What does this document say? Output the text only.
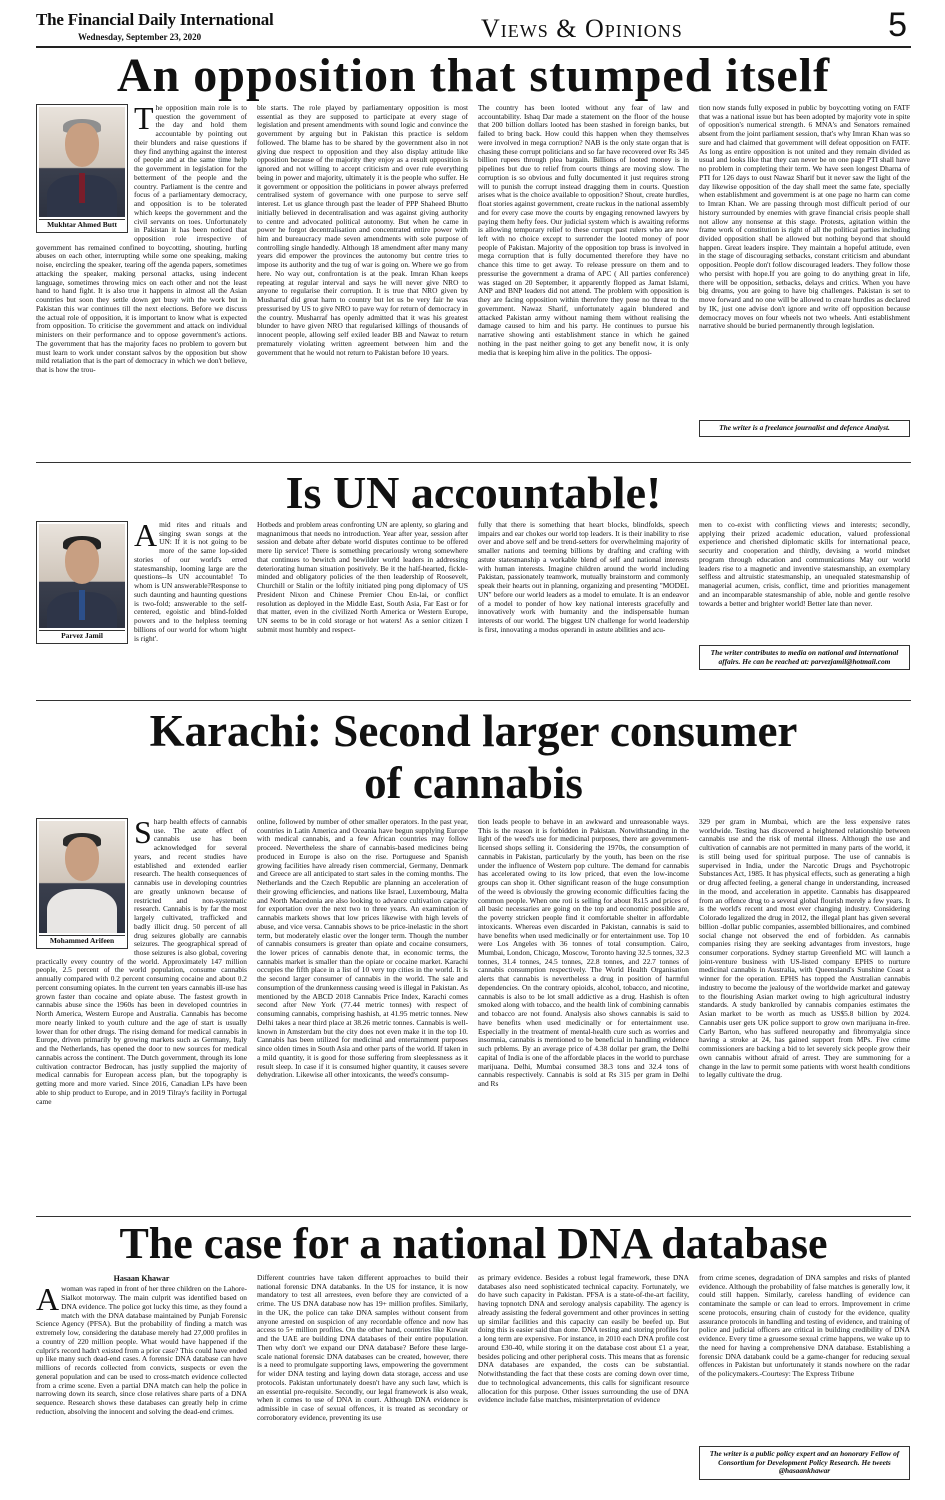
The Financial Daily International
Wednesday, September 23, 2020	Views & Opinions	5
An opposition that stumped itself
Mukhtar Ahmed Butt
T he opposition main role is to question the government of the day and hold them accountable by pointing out their blunders and raise questions if they find anything against the interest of people and at the same time help the government in legislation for the betterment of the people and the country. Parliament is the centre and focus of a parliamentary democracy, and opposition is to be tolerated which keeps the government and the civil servants on toes. Unfortunately in Pakistan it has been noticed that opposition role irrespective of government has remained confined to boycotting, shouting, hurling abuses on each other, interrupting while some one speaking, making noise, encircling the speaker, tearing off the agenda papers, sometimes attacking the speaker, making personal attacks, using indecent language, sometimes throwing mics on each other and not the least hand to hand fight. It is also true it happens in almost all the Asian countries but soon they settle down get busy with the work but in Pakistan this war continues till the next elections. Before we discuss the actual role of opposition, it is important to know what is expected from opposition. To criticise the government and attack on individual ministers on their performance and to oppose government's actions. The government that has the majority faces no problem to govern but must learn to work under constant salvos by the opposition but show mild retaliation that is the part of democracy in which we don't believe, that is how the trou-
ble starts. The role played by parliamentary opposition is most essential as they are supposed to participate at every stage of legislation and present amendments with sound logic and convince the government by arguing but in Pakistan this practice is seldom followed. The blame has to be shared by the government also in not giving due respect to opposition and they also display attitude like opposition because of the majority they enjoy as a result opposition is ignored and not willing to accept criticism and over rule everything being in power and majority, ultimately it is the people who suffer. He it government or opposition the politicians in power always preferred centralised system of governance with one purpose to serve self interest. Let us glance through past the leader of PPP Shaheed Bhutto initially believed in decentralisation and was against giving authority to centre and advocated political autonomy. But when he came in power he forgot decentralisation and concentrated entire power with him and bureaucracy made seven amendments with sole purpose of controlling single handedly. Although 18 amendment after many many years did empower the provinces the autonomy but centre tries to impose its authority and the tug of war is going on. Where we go from here. No way out, confrontation is at the peak. Imran Khan keeps repeating at regular interval and says he will never give NRO to anyone to regularise their corruption. It is true that NRO given by Musharraf did great harm to country but let us be very fair he was pressurised by US to give NRO to pave way for return of democracy in the country. Musharraf has openly admitted that it was his greatest blunder to have given NRO that regularised killings of thousands of innocent people, allowing self exiled leader BB and Nawaz to return prematurely violating written agreement between him and the government that he would not return to Pakistan before 10 years.
The country has been looted without any fear of law and accountability. Ishaq Dar made a statement on the floor of the house that 200 billion dollars looted has been stashed in foreign banks, but failed to bring back. How could this happen when they themselves were involved in mega corruption? NAB is the only state organ that is chasing these corrupt politicians and so far have recovered over Rs 345 billion rupees through plea bargain. Billions of looted money is in pipelines but due to relief from courts things are moving slow. The corruption is so obvious and fully documented it just requires strong will to punish the corrupt instead dragging them in courts. Question arises what is the choice available to opposition? Shout, create hurdles, float stories against government, create ruckus in the national assembly and for every case move the courts by engaging renowned lawyers by paying them hefty fees. Our judicial system which is awaiting reforms is allowing temporary relief to these corrupt past rulers who are now left with no choice except to surrender the looted money of poor people of Pakistan. Majority of the opposition top brass is involved in mega corruption that is fully documented therefore they have no chance this time to get away. To release pressure on them and to pressurise the government a drama of APC ( All parties conference) was staged on 20 September, it apparently flopped as Jamat Islami, ANP and BNP leaders did not attend. The problem with opposition is they are facing opposition within therefore they pose no threat to the government. Nawaz Sharif, unfortunately again blundered and attacked Pakistan army without naming them without realising the damage caused to him and his party. He continues to pursue his narrative showing anti establishment stance in which he gained nothing in the past neither going to get any benefit now, it is only media that is keeping him alive in the politics. The opposi-
tion now stands fully exposed in public by boycotting voting on FATF that was a national issue but has been adopted by majority vote in spite of opposition's numerical strength. 6 MNA's and Senators remained absent from the joint parliament session, that's why Imran Khan was so sure and had claimed that government will defeat opposition on FATF. As long as entire opposition is not united and they remain divided as usual and looks like that they can never be on one page PTI shall have no problem in completing their term. We have seen longest Dharna of PTI for 126 days to oust Nawaz Sharif but it never saw the light of the day likewise opposition of the day shall meet the same fate, specially when establishment and government is at one page no harm can come to Imran Khan. We are passing through most difficult period of our history surrounded by enemies with grave financial crisis people shall not allow any nonsense at this stage. Protests, agitation within the frame work of constitution is right of all the political parties including divided opposition shall be allowed but nothing beyond that should happen. Great leaders inspire. They maintain a hopeful attitude, even in the stage of discouraging setbacks, constant criticism and abundant opposition. People don't follow discouraged leaders. They follow those who persist with hope.If you are going to do anything great in life, there will be opposition, setbacks, delays and critics. When you have big dreams, you are going to have big challenges. Pakistan is set to move forward and no one will be allowed to create hurdles as declared by IK, just one advise don't ignore and write off opposition because democracy moves on four wheels not two wheels. Anti establishment narrative should be buried permanently through legislation.
The writer is a freelance journalist and defence Analyst.
Is UN accountable!
Parvez Jamil
A mid rites and rituals and singing swan songs at the UN: If it is not going to be more of the same lop-sided stories of our world's erred statesmanship, looming large are the questions--Is UN accountable! To whom is UN answerable?Response to such daunting and haunting questions is two-fold; answerable to the self-centered, egoistic and blind-folded powers and to the helpless teeming billions of our world for whom 'night is right'.
Hotbeds and problem areas confronting UN are aplenty, so glaring and magnanimous that needs no introduction. Year after year, session after session and debate after debate world disputes continue to be offered mere lip service! There is something precariously wrong somewhere that continues to bewitch and bewilder world leaders in addressing deteriorating human situation positively. Be it the half-hearted, fickle-minded and obligatory policies of the then leadership of Roosevelt, Churchill or Stalin or the loftily initiated ping pong diplomacy of US President Nixon and Chinese Premier Chou En-lai, or conflict resolution as deployed in the Middle East, South Asia, Far East or for that matter, even in the civilized North America or Western Europe, UN seems to be in cold storage or hot waters! As a senior citizen I submit most humbly and respect-
fully that there is something that heart blocks, blindfolds, speech impairs and ear chokes our world top leaders. It is their inability to rise over and above self and be trend-setters for overwhelming majority of smaller nations and teeming billions by drafting and crafting with astute statesmanship a workable blend of self and national interests with human interests. Imagine children around the world including Pakistan, passionately teamwork, mutually brainstorm and commonly speak their hearts out in planning, organizing and presenting "MODEL UN" before our world leaders as a model to emulate. It is an endeavor of a model to ponder of how key national interests gracefully and innovatively work with humanity and the indispensable human interests of our world. The biggest UN challenge for world leadership is first, innovating a modus operandi in astute abilities and acu-
men to co-exist with conflicting views and interests; secondly, applying their prized academic education, valued professional experience and cherished diplomatic skills for international peace, security and cooperation and thirdly, devising a world mindset program through education and communications May our world leaders rise to a magnetic and inventive statesmanship, an exemplary selfless and altruistic statesmanship, an unequaled statesmanship of managerial acumen, crisis, conflict, time and priorities management and an incomparable statesmanship of able, noble and gentle resolve towards a better and brighter world! Better late than never.
The writer contributes to media on national and international affairs. He can be reached at: parvezjamil@hotmail.com
Karachi: Second larger consumer
of cannabis
Mohammed Arifeen
S harp health effects of cannabis use. The acute effect of cannabis use has been acknowledged for several years, and recent studies have established and extended earlier research. The health consequences of cannabis use in developing countries are greatly unknown because of restricted and non-systematic research. Cannabis is by far the most largely cultivated, trafficked and badly illicit drug. 50 percent of all drug seizures globally are cannabis seizures. The geographical spread of those seizures is also global, covering practically every country of the world. Approximately 147 million people, 2.5 percent of the world population, consume cannabis annually compared with 0.2 percent consuming cocaine and about 0.2 percent consuming opiates. In the current ten years cannabis ill-use has grown faster than cocaine and opiate abuse. The fastest growth in cannabis abuse since the 1960s has been in developed countries in North America, Western Europe and Australia. Cannabis has become more nearly linked to youth culture and the age of start is usually lower than for other drugs. The rising demand for medical cannabis in Europe, driven primarily by growing markets such as Germany, Italy and the Netherlands, has opened the door to new sources for medical cannabis across the continent. The Dutch government, through its lone cultivation contractor Bedrocan, has justly supplied the majority of medical cannabis for European access plan, but the topography is getting more and more varied. Since 2016, Canadian LPs have been able to ship product to Europe, and in 2019 Tilray's facility in Portugal came
online, followed by number of other smaller operators. In the past year, countries in Latin America and Oceania have begun supplying Europe with medical cannabis, and a few African countries may follow proceed. Nevertheless the share of cannabis-based medicines being produced in Europe is also on the rise. Portuguese and Spanish growing facilities have already risen commercial, Germany, Denmark and Greece are all anticipated to start sales in the coming months. The Netherlands and the Czech Republic are planning an acceleration of their growing efficiencies, and nations like Israel, Luxembourg, Malta and North Macedonia are also looking to advance cultivation capacity for exportation over the next two to three years. An examination of cannabis markets shows that low prices likewise with high levels of abuse, and vice versa. Cannabis shows to be price-inelastic in the short term, but moderately elastic over the longer term. Though the number of cannabis consumers is greater than opiate and cocaine consumers, the lower prices of cannabis denote that, in economic terms, the cannabis market is smaller than the opiate or cocaine market. Karachi occupies the fifth place in a list of 10 very top cities in the world. It is the second larger consumer of cannabis in the world. The sale and consumption of the drunkenness causing weed is illegal in Pakistan. As mentioned by the ABCD 2018 Cannabis Price Index, Karachi comes second after New York (77.44 metric tonnes) with respect of consuming cannabis, comprising hashish, at 41.95 metric tonnes. New Delhi takes a near third place at 38.26 metric tonnes. Cannabis is well-known in Amsterdam but the city does not even make it in the top 10. Cannabis has been utilized for medicinal and entertainment purposes since olden times in South Asia and other parts of the world. If taken in a mild quantity, it is good for those suffering from sleeplessness as it result sleep. In case if it is consumed higher quantity, it causes severe dehydration. Likewise all other intoxicants, the weed's consump-
tion leads people to behave in an awkward and unreasonable ways. This is the reason it is forbidden in Pakistan. Notwithstanding in the light of the weed's use for medicinal purposes, there are government-licensed shops selling it. Considering the 1970s, the consumption of cannabis in Pakistan, particularly by the youth, has been on the rise under the influence of Western pop culture. The demand for cannabis has accelerated owing to its low priced, that even the low-income groups can shop it. Other significant reason of the huge consumption of the weed is obviously the growing economic difficulties facing the common people. When one roti is selling for about Rs15 and prices of all basic necessaries are going on the top and economic possible are, the poverty stricken people find it comfortable shelter in affordable intoxicants. Whereas even discarded in Pakistan, cannabis is said to have benefits when used medicinally or for entertainment use. Top 10 were Los Angeles with 36 tonnes of total consumption. Cairo, Mumbai, London, Chicago, Moscow, Toronto having 32.5 tonnes, 32.3 tonnes, 31.4 tonnes, 24.5 tonnes, 22.8 tonnes, and 22.7 tonnes of cannabis consumption respectively. The World Health Organisation alerts that cannabis is nevertheless a drug in position of harmful dependencies. On the contrary opioids, alcohol, tobacco, and nicotine, cannabis is also to be lot small addictive as a drug. Hashish is often smoked along with tobacco, and the health link of combining cannabis and tobacco are not found. Analysis also shows cannabis is said to have benefits when used medicinally or for entertainment use. Especially in the treatment of mental-health cure such as worries and insomnia, cannabis is mentioned to be beneficial in handling evidence such prblems. By an average price of 4.38 dollar per gram, the Delhi capital of India is one of the affordable places in the world to purchase marijuana. Delhi, Mumbai consumed 38.3 tons and 32.4 tons of cannabis respectively. Cannabis is sold at Rs 315 per gram in Delhi and Rs
329 per gram in Mumbai, which are the less expensive rates worldwide. Testing has discovered a heightened relationship between cannabis use and the risk of mental illness. Although the use and cultivation of cannabis are not permitted in many parts of the world, it is still being used for spiritual purpose. The use of cannabis is supervised in India, under the Narcotic Drugs and Psychotropic Substances Act, 1985. It has physical effects, such as generating a high or drug affected feeling, a general change in understanding, increased in the mood, and acceleration in appetite. Cannabis has disappeared from an offence drug to a several global flourish merely a few years. It is the world's recent and most ever changing industry. Considering Colorado legalized the drug in 2012, the illegal plant has given several billion -dollar public companies, assembled billionaires, and combined social change not observed the end of forbidden. As cannabis companies rising they are seeking advantages from investors, huge consumer corporations. Sydney startup Greenfield MC will launch a joint-venture business with US-listed company EPHS to nurture medicinal cannabis in Australia, with Queensland's Sunshine Coast a winner for the operation. EPHS has topped the Australian cannabis industry to become the jealousy of the worldwide market and gateway to the flourishing Asian market owing to high agricultural industry standards. A study bankrolled by cannabis companies estimates the Asian market to be worth as much as US$5.8 billion by 2024. Cannabis user gets UK police support to grow own marijuana in-free. Carly Barton, who has suffered neuropathy and fibromyalgia since having a stroke at 24, has gained support from MPs. Five crime commissioners are backing a bid to let severely sick people grow their own cannabis without afraid of arrest. They are summoning for a change in the law to permit some patients with worst health conditions to legally cultivate the drug.
The case for a national DNA database
Hasaan Khawar
A woman was raped in front of her three children on the Lahore-Sialkot motorway. The main culprit was identified based on DNA evidence. The police got lucky this time, as they found a match with the DNA database maintained by Punjab Forensic Science Agency (PFSA). But the probability of finding a match was extremely low, considering the database merely had 27,000 profiles in a country of 220 million people. What would have happened if the culprit's record hadn't existed from a prior case? This could have ended up like many such dead-end cases. A forensic DNA database can have millions of records collected from convicts, suspects or even the general population and can be used to cross-match evidence collected from a crime scene. Even a partial DNA match can help the police in narrowing down its search, since close relatives share parts of a DNA sequence. Research shows these databases can greatly help in crime reduction, absolving the innocent and solving the dead-end crimes.
Different countries have taken different approaches to build their national forensic DNA databanks. In the US for instance, it is now mandatory to test all arrestees, even before they are convicted of a crime. The US DNA database now has 19+ million profiles. Similarly, in the UK, the police can take DNA samples without consent from anyone arrested on suspicion of any recordable offence and now has access to 5+ million profiles. On the other hand, countries like Kuwait and the UAE are building DNA databases of their entire population. Then why don't we expand our DNA database? Before these large-scale national forensic DNA databases can be created, however, there is a need to promulgate supporting laws, empowering the government for wider DNA testing and laying down data storage, access and use protocols. Pakistan unfortunately doesn't have any such law, which is an essential pre-requisite. Secondly, our legal framework is also weak, when it comes to use of DNA in court. Although DNA evidence is admissible in case of sexual offences, it is treated as secondary or corroboratory evidence, preventing its use
as primary evidence. Besides a robust legal framework, these DNA databases also need sophisticated technical capacity. Fortunately, we do have such capacity in Pakistan. PFSA is a state-of-the-art facility, having topnotch DNA and serology analysis capability. The agency is already assisting the federal government and other provinces in setting up similar facilities and this capacity can easily be beefed up. But doing this is easier said than done. DNA testing and storing profiles for a long term are expensive. For instance, in 2010 each DNA profile cost around £30-40, while storing it on the database cost about £1 a year, besides policing and other peripheral costs. This means that as forensic DNA databases are expanded, the costs can be substantial. Notwithstanding the fact that these costs are coming down over time, due to technological advancements, this calls for significant resource allocation for this purpose. Other issues surrounding the use of DNA evidence include false matches, misinterpretation of evidence
from crime scenes, degradation of DNA samples and risks of planted evidence. Although the probability of false matches is generally low, it could still happen. Similarly, careless handling of evidence can contaminate the sample or can lead to errors. Improvement in crime scene protocols, ensuring chain of custody for the evidence, quality assurance protocols in handling and testing of evidence, and training of police and judicial officers are critical in building credibility of DNA evidence. Every time a gruesome sexual crime happens, we wake up to the need for having a comprehensive DNA database. Establishing a forensic DNA databank could be a game-changer for reducing sexual offences in Pakistan but unfortunately it stands nowhere on the radar of the policymakers.-Courtesy: The Express Tribune
The writer is a public policy expert and an honorary Fellow of Consortium for Development Policy Research. He tweets @hasaankhawar
